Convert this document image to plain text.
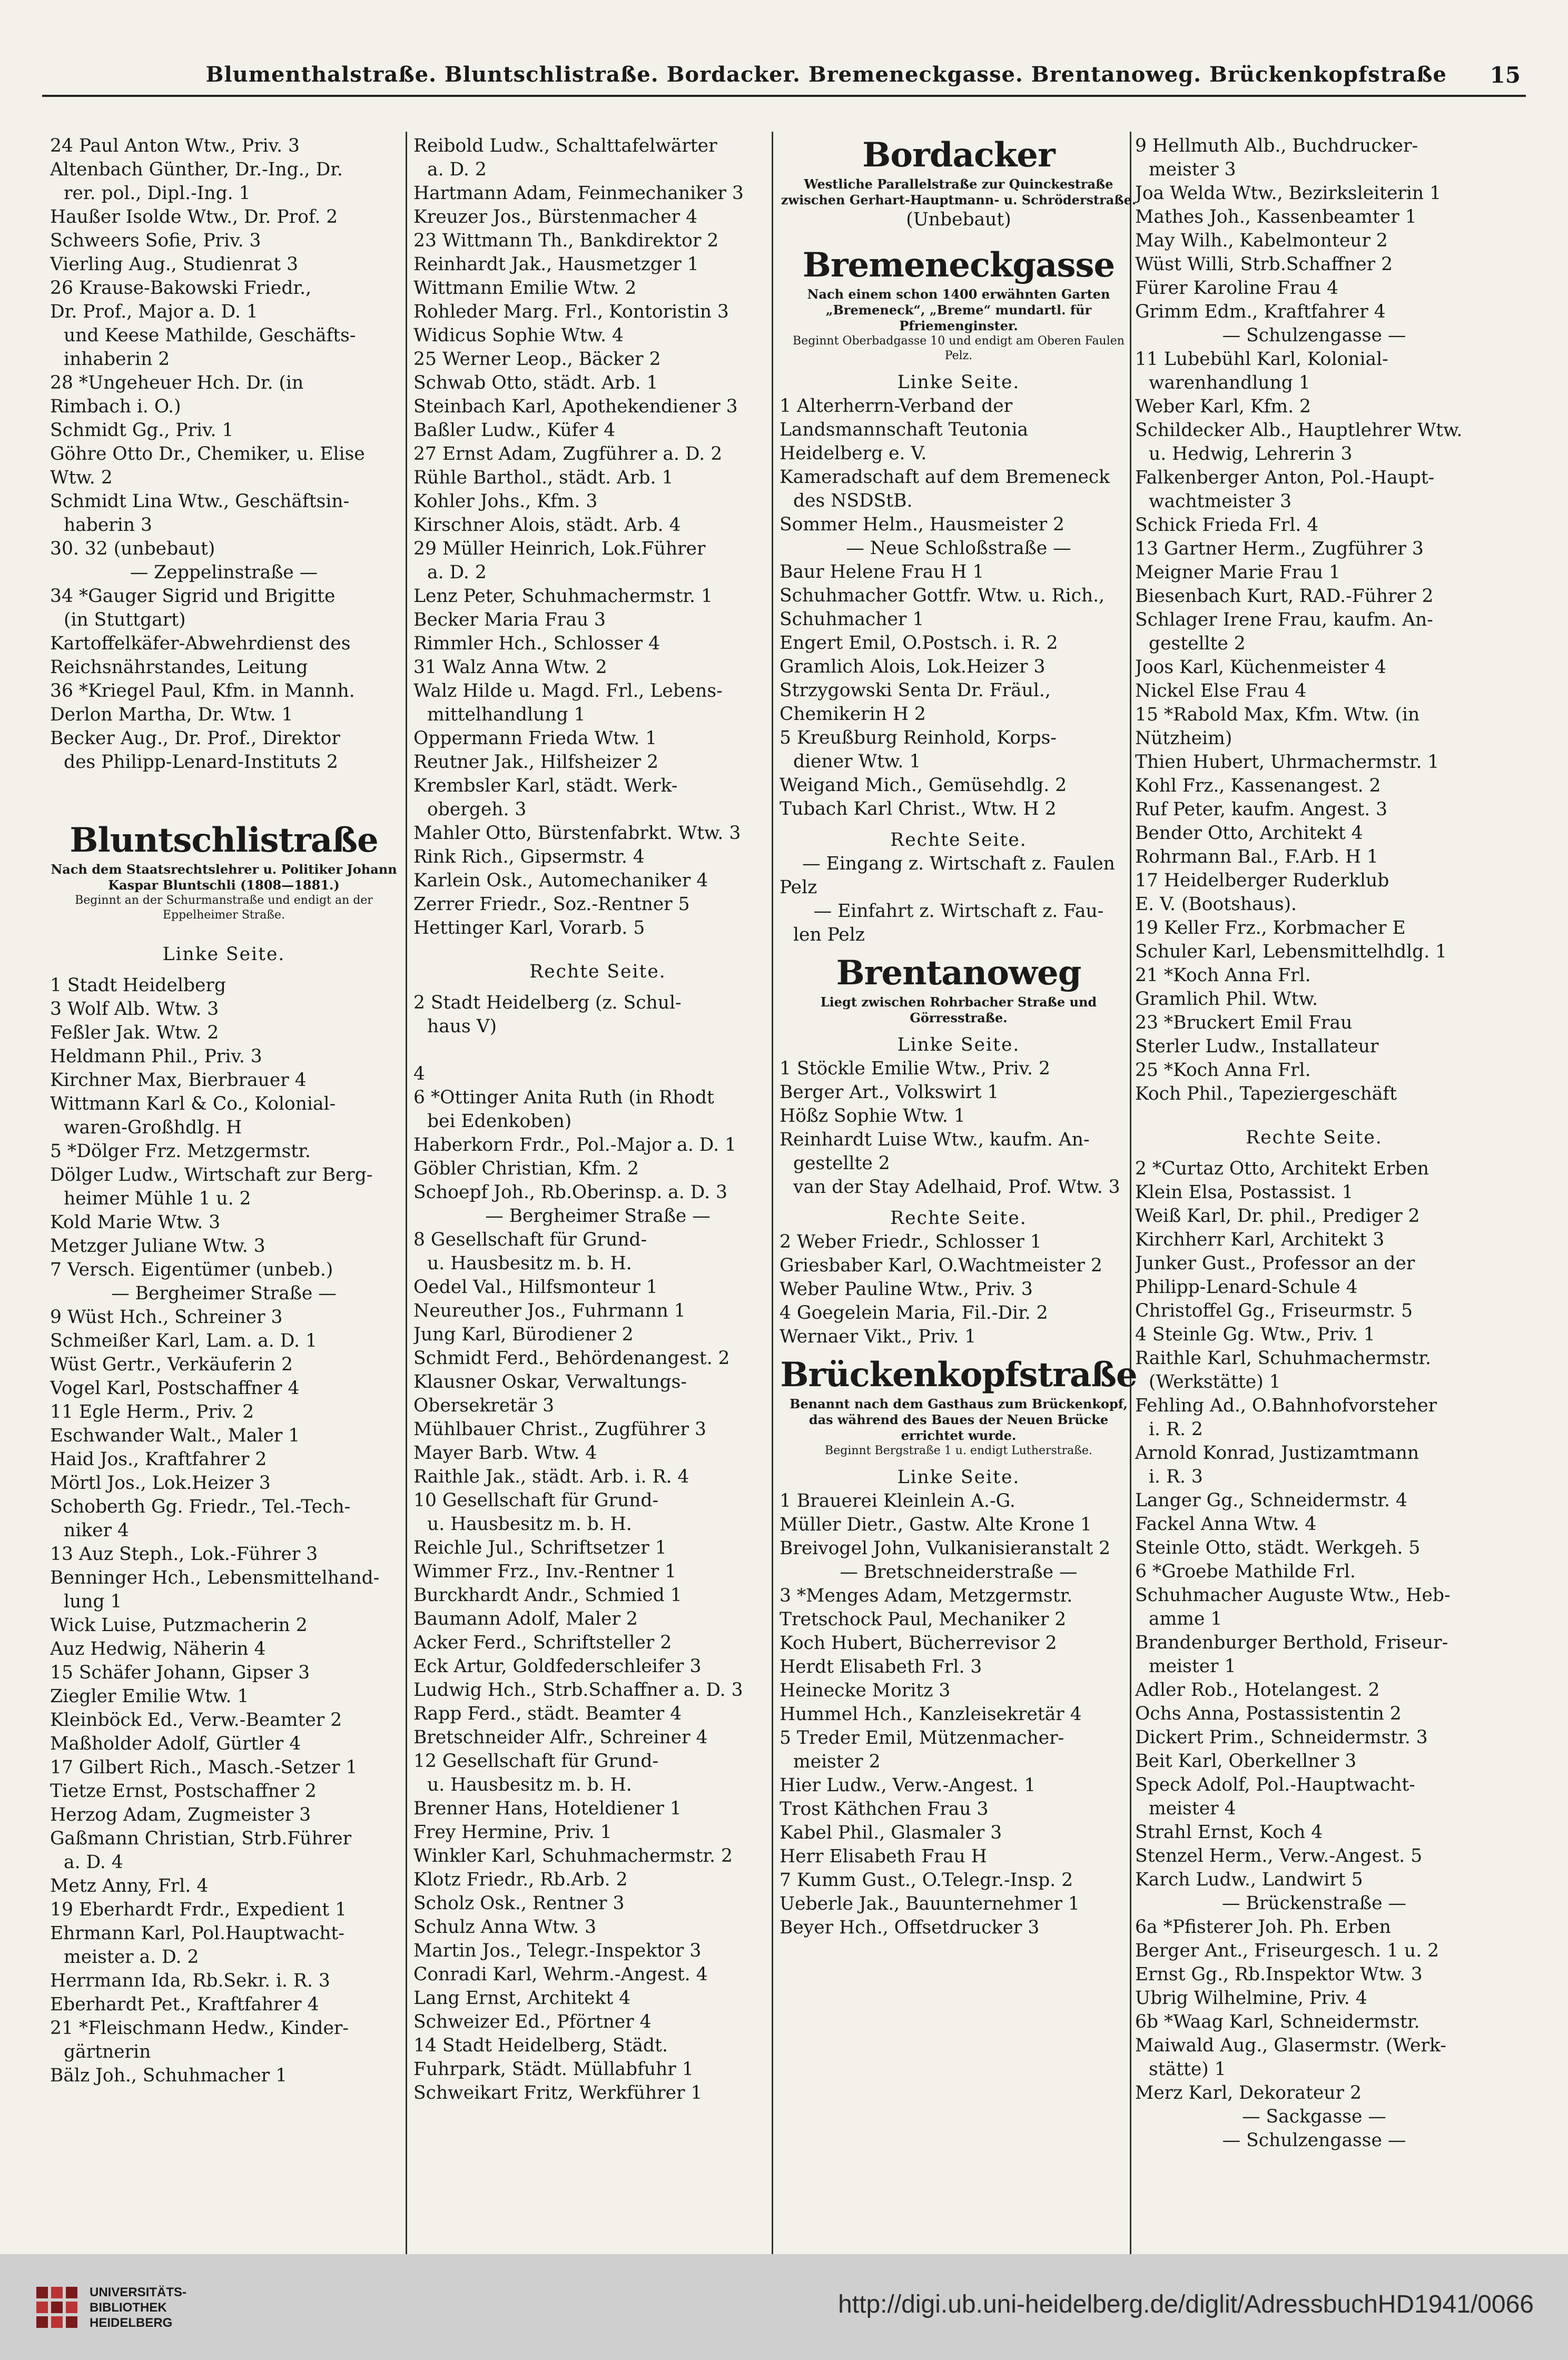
Blumenthalstraße. Bluntschlistraße. Bordacker. Bremeneckgasse. Brentanoweg. Brückenkopfstraße 15
24 Paul Anton Wtw., Priv. 3
Altenbach Günther, Dr.-Ing., Dr.
rer. pol., Dipl.-Ing. 1
Haußer Isolde Wtw., Dr. Prof. 2
Schweers Sofie, Priv. 3
Vierling Aug., Studienrat 3
26 Krause-Bakowski Friedr.,
Dr. Prof., Major a. D. 1
und Keese Mathilde, Geschäfts-
inhaberin 2
28 *Ungeheuer Hch. Dr. (in
Rimbach i. O.)
Schmidt Gg., Priv. 1
Göhre Otto Dr., Chemiker, u. Elise
Wtw. 2
Schmidt Lina Wtw., Geschäftsin-
haberin 3
30. 32 (unbebaut)
— Zeppelinstraße —
34 *Gauger Sigrid und Brigitte
(in Stuttgart)
Kartoffelkäfer-Abwehrdienst des
Reichsnährstandes, Leitung
36 *Kriegel Paul, Kfm. in Mannh.
Derlon Martha, Dr. Wtw. 1
Becker Aug., Dr. Prof., Direktor
des Philipp-Lenard-Instituts 2
Bluntschlistraße
Nach dem Staatsrechtslehrer u. Politiker Johann Kaspar Bluntschli (1808—1881.)
Beginnt an der Schurmanstraße und endigt an der Eppelheimer Straße.
Linke Seite.
1 Stadt Heidelberg
3 Wolf Alb. Wtw. 3
Feßler Jak. Wtw. 2
Heldmann Phil., Priv. 3
Kirchner Max, Bierbrauer 4
Wittmann Karl & Co., Kolonial-
waren-Großhdlg. H
5 *Dölger Frz. Metzgermstr.
Dölger Ludw., Wirtschaft zur Berg-
heimer Mühle 1 u. 2
Kold Marie Wtw. 3
Metzger Juliane Wtw. 3
7 Versch. Eigentümer (unbeb.)
— Bergheimer Straße —
9 Wüst Hch., Schreiner 3
Schmeißer Karl, Lam. a. D. 1
Wüst Gertr., Verkäuferin 2
Vogel Karl, Postschaffner 4
11 Egle Herm., Priv. 2
Eschwander Walt., Maler 1
Haid Jos., Kraftfahrer 2
Mörtl Jos., Lok.Heizer 3
Schoberth Gg. Friedr., Tel.-Tech-
niker 4
13 Auz Steph., Lok.-Führer 3
Benninger Hch., Lebensmittelhand-
lung 1
Wick Luise, Putzmacherin 2
Auz Hedwig, Näherin 4
15 Schäfer Johann, Gipser 3
Ziegler Emilie Wtw. 1
Kleinböck Ed., Verw.-Beamter 2
Maßholder Adolf, Gürtler 4
17 Gilbert Rich., Masch.-Setzer 1
Tietze Ernst, Postschaffner 2
Herzog Adam, Zugmeister 3
Gaßmann Christian, Strb.Führer
a. D. 4
Metz Anny, Frl. 4
19 Eberhardt Frdr., Expedient 1
Ehrmann Karl, Pol.Hauptwacht-
meister a. D. 2
Herrmann Ida, Rb.Sekr. i. R. 3
Eberhardt Pet., Kraftfahrer 4
21 *Fleischmann Hedw., Kinder-
gärtnerin
Bälz Joh., Schuhmacher 1
Reibold Ludw., Schalttafelwärter
a. D. 2
Hartmann Adam, Feinmechaniker 3
Kreuzer Jos., Bürstenmacher 4
23 Wittmann Th., Bankdirektor 2
Reinhardt Jak., Hausmetzger 1
Wittmann Emilie Wtw. 2
Rohleder Marg. Frl., Kontoristin 3
Widicus Sophie Wtw. 4
25 Werner Leop., Bäcker 2
Schwab Otto, städt. Arb. 1
Steinbach Karl, Apothekendiener 3
Baßler Ludw., Küfer 4
27 Ernst Adam, Zugführer a. D. 2
Rühle Barthol., städt. Arb. 1
Kohler Johs., Kfm. 3
Kirschner Alois, städt. Arb. 4
29 Müller Heinrich, Lok.Führer
a. D. 2
Lenz Peter, Schuhmachermstr. 1
Becker Maria Frau 3
Rimmler Hch., Schlosser 4
31 Walz Anna Wtw. 2
Walz Hilde u. Magd. Frl., Lebens-
mittelhandlung 1
Oppermann Frieda Wtw. 1
Reutner Jak., Hilfsheizer 2
Krembsler Karl, städt. Werk-
obergeh. 3
Mahler Otto, Bürstenfabrkt. Wtw. 3
Rink Rich., Gipsermstr. 4
Karlein Osk., Automechaniker 4
Zerrer Friedr., Soz.-Rentner 5
Hettinger Karl, Vorarb. 5
Rechte Seite.
2 Stadt Heidelberg (z. Schul-
haus V)

4
6 *Ottinger Anita Ruth (in Rhodt
bei Edenkoben)
Haberkorn Frdr., Pol.-Major a. D. 1
Göbler Christian, Kfm. 2
Schoepf Joh., Rb.Oberinsp. a. D. 3
— Bergheimer Straße —
8 Gesellschaft für Grund-
u. Hausbesitz m. b. H.
Oedel Val., Hilfsmonteur 1
Neureuther Jos., Fuhrmann 1
Jung Karl, Bürodiener 2
Schmidt Ferd., Behördenangest. 2
Klausner Oskar, Verwaltungs-
Obersekretär 3
Mühlbauer Christ., Zugführer 3
Mayer Barb. Wtw. 4
Raithle Jak., städt. Arb. i. R. 4
10 Gesellschaft für Grund-
u. Hausbesitz m. b. H.
Reichle Jul., Schriftsetzer 1
Wimmer Frz., Inv.-Rentner 1
Burckhardt Andr., Schmied 1
Baumann Adolf, Maler 2
Acker Ferd., Schriftsteller 2
Eck Artur, Goldfederschleifer 3
Ludwig Hch., Strb.Schaffner a. D. 3
Rapp Ferd., städt. Beamter 4
Bretschneider Alfr., Schreiner 4
12 Gesellschaft für Grund-
u. Hausbesitz m. b. H.
Brenner Hans, Hoteldiener 1
Frey Hermine, Priv. 1
Winkler Karl, Schuhmachermstr. 2
Klotz Friedr., Rb.Arb. 2
Scholz Osk., Rentner 3
Schulz Anna Wtw. 3
Martin Jos., Telegr.-Inspektor 3
Conradi Karl, Wehrm.-Angest. 4
Lang Ernst, Architekt 4
Schweizer Ed., Pförtner 4
14 Stadt Heidelberg, Städt.
Fuhrpark, Städt. Müllabfuhr 1
Schweikart Fritz, Werkführer 1
Bordacker
Westliche Parallelstraße zur Quinckestraße zwischen Gerhart-Hauptmann- u. Schröderstraße.
(Unbebaut)
Bremeneckgasse
Nach einem schon 1400 erwähnten Garten „Bremeneck“, „Breme“ mundartl. für Pfriemenginster.
Beginnt Oberbadgasse 10 und endigt am Oberen Faulen Pelz.
Linke Seite.
1 Alterherrn-Verband der
Landsmannschaft Teutonia
Heidelberg e. V.
Kameradschaft auf dem Bremeneck
des NSDStB.
Sommer Helm., Hausmeister 2
— Neue Schloßstraße —
Baur Helene Frau H 1
Schuhmacher Gottfr. Wtw. u. Rich.,
Schuhmacher 1
Engert Emil, O.Postsch. i. R. 2
Gramlich Alois, Lok.Heizer 3
Strzygowski Senta Dr. Fräul.,
Chemikerin H 2
5 Kreußburg Reinhold, Korps-
diener Wtw. 1
Weigand Mich., Gemüsehdlg. 2
Tubach Karl Christ., Wtw. H 2
Rechte Seite.
— Eingang z. Wirtschaft z. Faulen
Pelz
— Einfahrt z. Wirtschaft z. Fau-
len Pelz
Brentanoweg
Liegt zwischen Rohrbacher Straße und Görresstraße.
Linke Seite.
1 Stöckle Emilie Wtw., Priv. 2
Berger Art., Volkswirt 1
Hößz Sophie Wtw. 1
Reinhardt Luise Wtw., kaufm. An-
gestellte 2
van der Stay Adelhaid, Prof. Wtw. 3
Rechte Seite.
2 Weber Friedr., Schlosser 1
Griesbaber Karl, O.Wachtmeister 2
Weber Pauline Wtw., Priv. 3
4 Goegelein Maria, Fil.-Dir. 2
Wernaer Vikt., Priv. 1
Brückenkopfstraße
Benannt nach dem Gasthaus zum Brückenkopf, das während des Baues der Neuen Brücke errichtet wurde.
Beginnt Bergstraße 1 u. endigt Lutherstraße.
Linke Seite.
1 Brauerei Kleinlein A.-G.
Müller Dietr., Gastw. Alte Krone 1
Breivogel John, Vulkanisieranstalt 2
— Bretschneiderstraße —
3 *Menges Adam, Metzgermstr.
Tretschock Paul, Mechaniker 2
Koch Hubert, Bücherrevisor 2
Herdt Elisabeth Frl. 3
Heinecke Moritz 3
Hummel Hch., Kanzleisekretär 4
5 Treder Emil, Mützenmacher-
meister 2
Hier Ludw., Verw.-Angest. 1
Trost Käthchen Frau 3
Kabel Phil., Glasmaler 3
Herr Elisabeth Frau H
7 Kumm Gust., O.Telegr.-Insp. 2
Ueberle Jak., Bauunternehmer 1
Beyer Hch., Offsetdrucker 3
9 Hellmuth Alb., Buchdrucker-
meister 3
Joa Welda Wtw., Bezirksleiterin 1
Mathes Joh., Kassenbeamter 1
May Wilh., Kabelmonteur 2
Wüst Willi, Strb.Schaffner 2
Fürer Karoline Frau 4
Grimm Edm., Kraftfahrer 4
— Schulzengasse —
11 Lubebühl Karl, Kolonial-
warenhandlung 1
Weber Karl, Kfm. 2
Schildecker Alb., Hauptlehrer Wtw.
u. Hedwig, Lehrerin 3
Falkenberger Anton, Pol.-Haupt-
wachtmeister 3
Schick Frieda Frl. 4
13 Gartner Herm., Zugführer 3
Meigner Marie Frau 1
Biesenbach Kurt, RAD.-Führer 2
Schlager Irene Frau, kaufm. An-
gestellte 2
Joos Karl, Küchenmeister 4
Nickel Else Frau 4
15 *Rabold Max, Kfm. Wtw. (in
Nützheim)
Thien Hubert, Uhrmachermstr. 1
Kohl Frz., Kassenangest. 2
Ruf Peter, kaufm. Angest. 3
Bender Otto, Architekt 4
Rohrmann Bal., F.Arb. H 1
17 Heidelberger Ruderklub
E. V. (Bootshaus).
19 Keller Frz., Korbmacher E
Schuler Karl, Lebensmittelhdlg. 1
21 *Koch Anna Frl.
Gramlich Phil. Wtw.
23 *Bruckert Emil Frau
Sterler Ludw., Installateur
25 *Koch Anna Frl.
Koch Phil., Tapeziergeschäft
Rechte Seite.
2 *Curtaz Otto, Architekt Erben
Klein Elsa, Postassist. 1
Weiß Karl, Dr. phil., Prediger 2
Kirchherr Karl, Architekt 3
Junker Gust., Professor an der
Philipp-Lenard-Schule 4
Christoffel Gg., Friseurmstr. 5
4 Steinle Gg. Wtw., Priv. 1
Raithle Karl, Schuhmachermstr.
(Werkstätte) 1
Fehling Ad., O.Bahnhofvorsteher
i. R. 2
Arnold Konrad, Justizamtmann
i. R. 3
Langer Gg., Schneidermstr. 4
Fackel Anna Wtw. 4
Steinle Otto, städt. Werkgeh. 5
6 *Groebe Mathilde Frl.
Schuhmacher Auguste Wtw., Heb-
amme 1
Brandenburger Berthold, Friseur-
meister 1
Adler Rob., Hotelangest. 2
Ochs Anna, Postassistentin 2
Dickert Prim., Schneidermstr. 3
Beit Karl, Oberkellner 3
Speck Adolf, Pol.-Hauptwacht-
meister 4
Strahl Ernst, Koch 4
Stenzel Herm., Verw.-Angest. 5
Karch Ludw., Landwirt 5
— Brückenstraße —
6a *Pfisterer Joh. Ph. Erben
Berger Ant., Friseurgesch. 1 u. 2
Ernst Gg., Rb.Inspektor Wtw. 3
Ubrig Wilhelmine, Priv. 4
6b *Waag Karl, Schneidermstr.
Maiwald Aug., Glasermstr. (Werk-
stätte) 1
Merz Karl, Dekorateur 2
— Sackgasse —
— Schulzengasse —
UNIVERSITÄTS-
BIBLIOTHEK
HEIDELBERG
http://digi.ub.uni-heidelberg.de/diglit/AdressbuchHD1941/0066
